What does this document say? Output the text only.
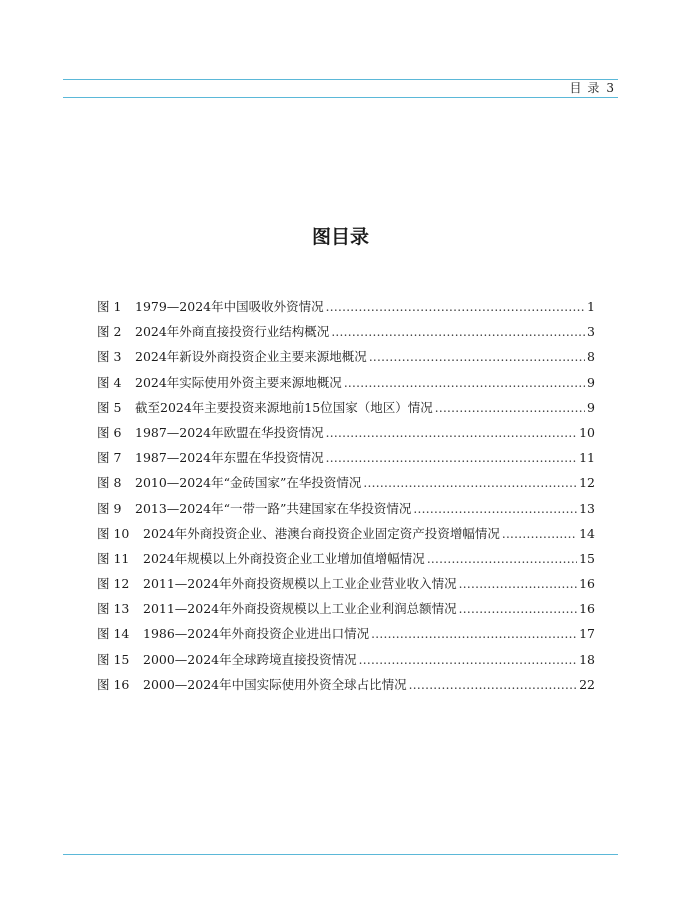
目 录 3
图目录
图 1	1979—2024年中国吸收外资情况 .....	1
图 2	2024年外商直接投资行业结构概况 .....	3
图 3	2024年新设外商投资企业主要来源地概况 .....	8
图 4	2024年实际使用外资主要来源地概况 .....	9
图 5	截至2024年主要投资来源地前15位国家（地区）情况 .....	9
图 6	1987—2024年欧盟在华投资情况 .....	10
图 7	1987—2024年东盟在华投资情况 .....	11
图 8	2010—2024年“金砖国家”在华投资情况 .....	12
图 9	2013—2024年“一带一路”共建国家在华投资情况 .....	13
图 10	2024年外商投资企业、港澳台商投资企业固定资产投资增幅情况 .....	14
图 11	2024年规模以上外商投资企业工业增加值增幅情况 .....	15
图 12	2011—2024年外商投资规模以上工业企业营业收入情况 .....	16
图 13	2011—2024年外商投资规模以上工业企业利润总额情况 .....	16
图 14	1986—2024年外商投资企业进出口情况 .....	17
图 15	2000—2024年全球跨境直接投资情况 .....	18
图 16	2000—2024年中国实际使用外资全球占比情况 .....	22
